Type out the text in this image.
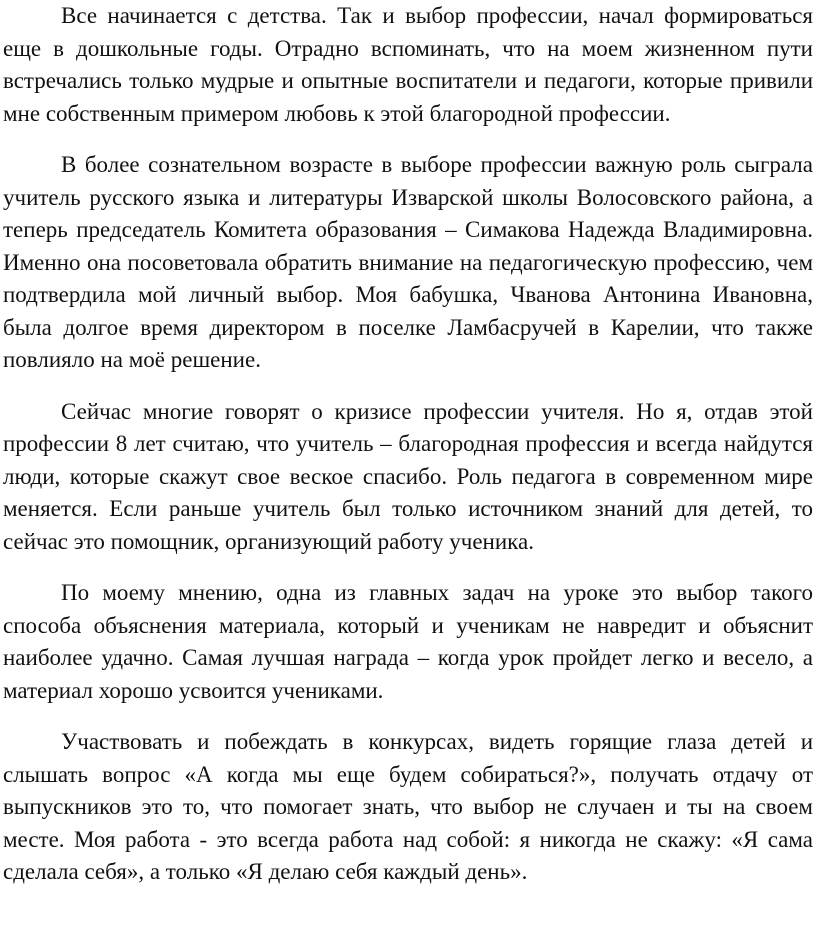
Все начинается с детства. Так и выбор профессии, начал формироваться еще в дошкольные годы. Отрадно вспоминать, что на моем жизненном пути встречались только мудрые и опытные воспитатели и педагоги, которые привили мне собственным примером любовь к этой благородной профессии.

В более сознательном возрасте в выборе профессии важную роль сыграла учитель русского языка и литературы Изварской школы Волосовского района, а теперь председатель Комитета образования – Симакова Надежда Владимировна. Именно она посоветовала обратить внимание на педагогическую профессию, чем подтвердила мой личный выбор. Моя бабушка, Чванова Антонина Ивановна, была долгое время директором в поселке Ламбасручей в Карелии, что также повлияло на моё решение.

Сейчас многие говорят о кризисе профессии учителя. Но я, отдав этой профессии 8 лет считаю, что учитель – благородная профессия и всегда найдутся люди, которые скажут свое веское спасибо. Роль педагога в современном мире меняется. Если раньше учитель был только источником знаний для детей, то сейчас это помощник, организующий работу ученика.

По моему мнению, одна из главных задач на уроке это выбор такого способа объяснения материала, который и ученикам не навредит и объяснит наиболее удачно. Самая лучшая награда – когда урок пройдет легко и весело, а материал хорошо усвоится учениками.

Участвовать и побеждать в конкурсах, видеть горящие глаза детей и слышать вопрос «А когда мы еще будем собираться?», получать отдачу от выпускников это то, что помогает знать, что выбор не случаен и ты на своем месте. Моя работа - это всегда работа над собой: я никогда не скажу: «Я сама сделала себя», а только «Я делаю себя каждый день».
